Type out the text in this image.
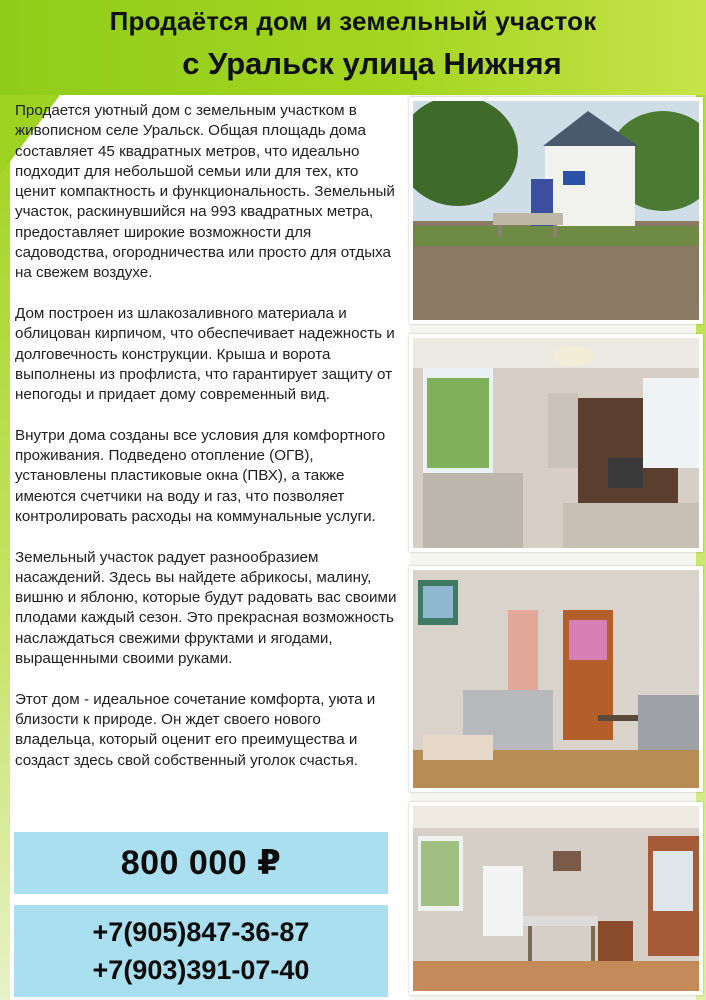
Продаётся дом и земельный участок
с Уральск улица Нижняя

Продается уютный дом с земельным участком в живописном селе Уральск. Общая площадь дома составляет 45 квадратных метров, что идеально подходит для небольшой семьи или для тех, кто ценит компактность и функциональность. Земельный участок, раскинувшийся на 993 квадратных метра, предоставляет широкие возможности для садоводства, огородничества или просто для отдыха на свежем воздухе.

Дом построен из шлакозаливного материала и облицован кирпичом, что обеспечивает надежность и долговечность конструкции. Крыша и ворота выполнены из профлиста, что гарантирует защиту от непогоды и придает дому современный вид.

Внутри дома созданы все условия для комфортного проживания. Подведено отопление (ОГВ), установлены пластиковые окна (ПВХ), а также имеются счетчики на воду и газ, что позволяет контролировать расходы на коммунальные услуги.

Земельный участок радует разнообразием насаждений. Здесь вы найдете абрикосы, малину, вишню и яблоню, которые будут радовать вас своими плодами каждый сезон. Это прекрасная возможность наслаждаться свежими фруктами и ягодами, выращенными своими руками.

Этот дом - идеальное сочетание комфорта, уюта и близости к природе. Он ждет своего нового владельца, который оценит его преимущества и создаст здесь свой собственный уголок счастья.

800 000 ₽
+7(905)847-36-87
+7(903)391-07-40
